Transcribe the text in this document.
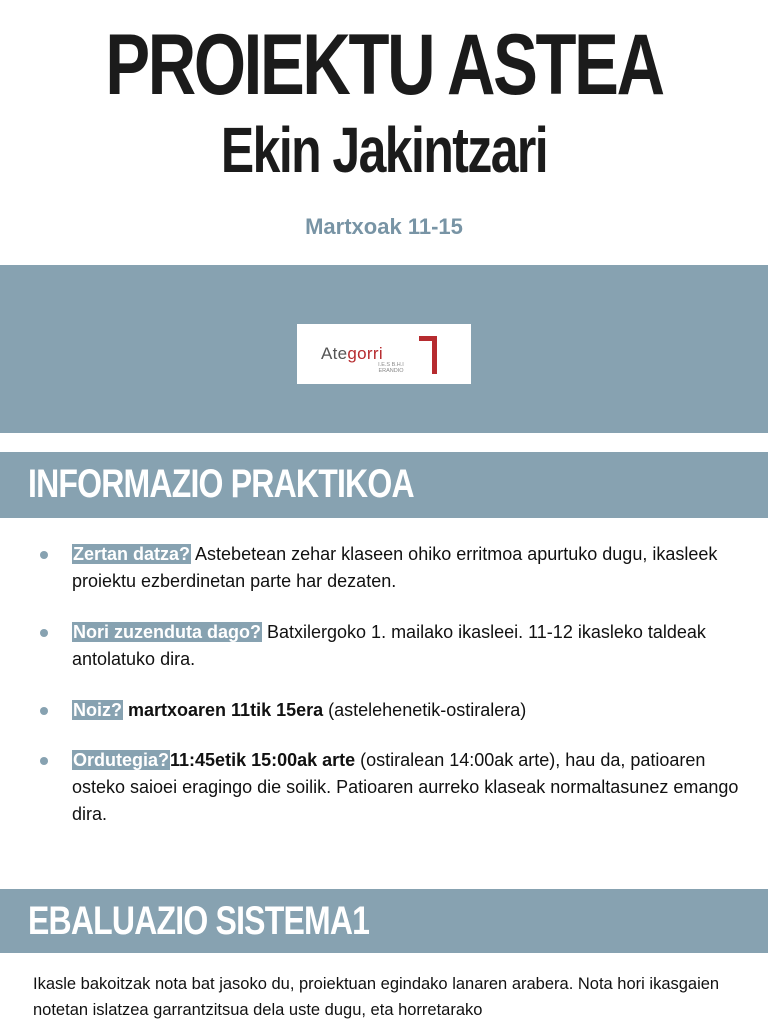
PROIEKTU ASTEA
Ekin Jakintzari
Martxoak 11-15
Ategorri
I.E.S B.H.I
ERANDIO
INFORMAZIO PRAKTIKOA
Zertan datza? Astebetean zehar klaseen ohiko erritmoa apurtuko dugu, ikasleek proiektu ezberdinetan parte har dezaten.
Nori zuzenduta dago? Batxilergoko 1. mailako ikasleei. 11-12 ikasleko taldeak antolatuko dira.
Noiz? martxoaren 11tik 15era (astelehenetik-ostiralera)
Ordutegia?11:45etik 15:00ak arte (ostiralean 14:00ak arte), hau da, patioaren osteko saioei eragingo die soilik. Patioaren aurreko klaseak normaltasunez emango dira.
EBALUAZIO SISTEMA1
Ikasle bakoitzak nota bat jasoko du, proiektuan egindako lanaren arabera. Nota hori ikasgaien notetan islatzea garrantzitsua dela uste dugu, eta horretarako
